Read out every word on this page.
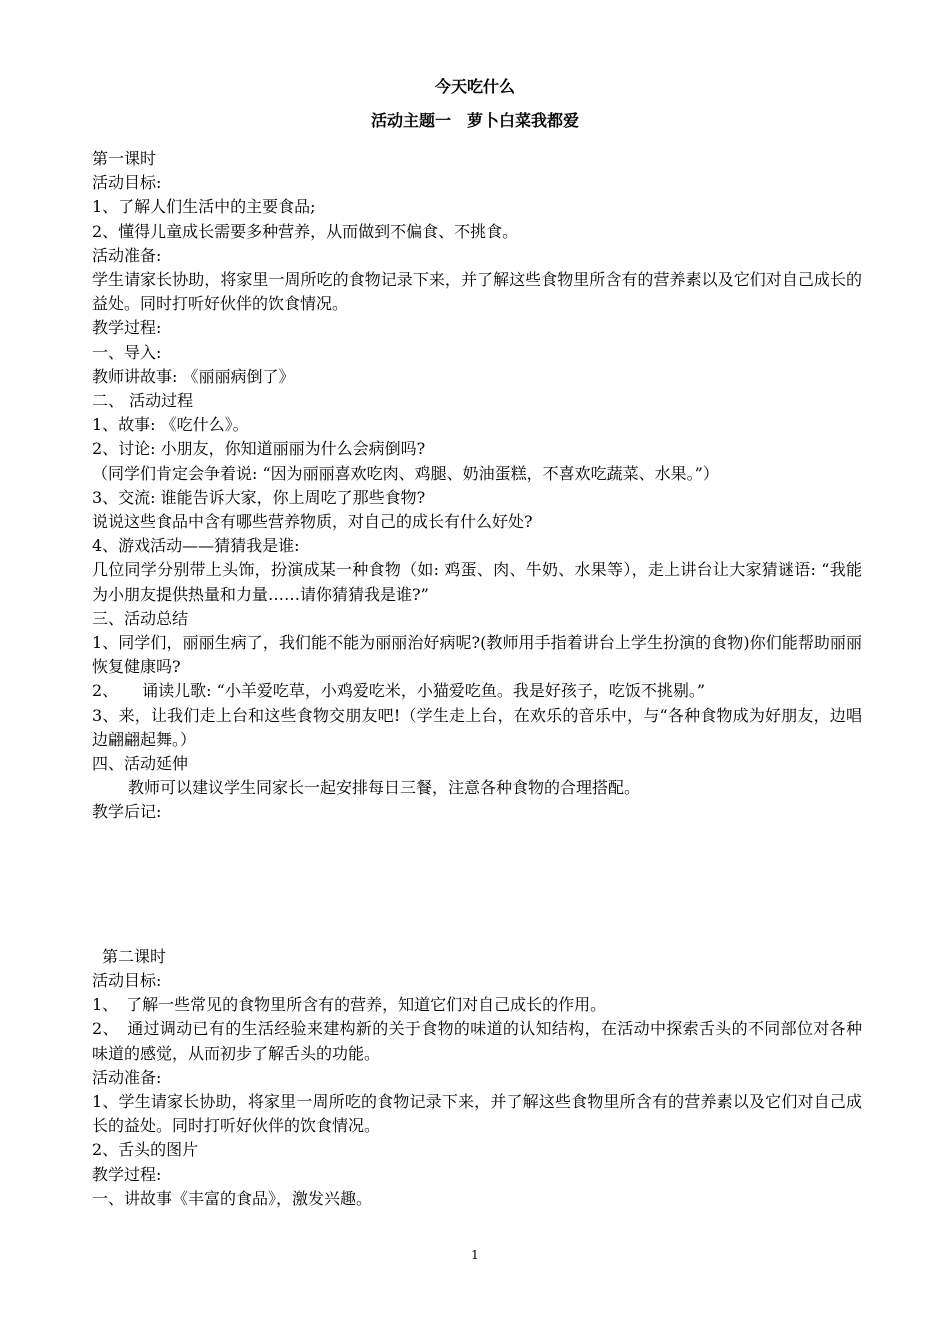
今天吃什么
活动主题一　萝卜白菜我都爱

第一课时

活动目标:

1、了解人们生活中的主要食品;

2、懂得儿童成长需要多种营养，从而做到不偏食、不挑食。

活动准备:

学生请家长协助，将家里一周所吃的食物记录下来，并了解这些食物里所含有的营养素以及它们对自己成长的益处。同时打听好伙伴的饮食情况。

教学过程:

一、导入:

教师讲故事: 《丽丽病倒了》

二、 活动过程

1、故事: 《吃什么》。

2、讨论: 小朋友，你知道丽丽为什么会病倒吗?

（同学们肯定会争着说: “因为丽丽喜欢吃肉、鸡腿、奶油蛋糕，不喜欢吃蔬菜、水果。”）

3、交流: 谁能告诉大家，你上周吃了那些食物?

说说这些食品中含有哪些营养物质，对自己的成长有什么好处?

4、游戏活动——猜猜我是谁:

几位同学分别带上头饰，扮演成某一种食物（如: 鸡蛋、肉、牛奶、水果等），走上讲台让大家猜谜语: “我能为小朋友提供热量和力量……请你猜猜我是谁?”

三、活动总结

1、同学们，丽丽生病了，我们能不能为丽丽治好病呢?(教师用手指着讲台上学生扮演的食物)你们能帮助丽丽恢复健康吗?

2、　　诵读儿歌: “小羊爱吃草，小鸡爱吃米，小猫爱吃鱼。我是好孩子，吃饭不挑剔。”

3、来，让我们走上台和这些食物交朋友吧!（学生走上台，在欢乐的音乐中，与“各种食物成为好朋友，边唱边翩翩起舞。）

四、活动延伸

教师可以建议学生同家长一起安排每日三餐，注意各种食物的合理搭配。

教学后记:

第二课时

活动目标:

1、　了解一些常见的食物里所含有的营养，知道它们对自己成长的作用。

2、　通过调动已有的生活经验来建构新的关于食物的味道的认知结构，在活动中探索舌头的不同部位对各种味道的感觉，从而初步了解舌头的功能。

活动准备:

1、学生请家长协助，将家里一周所吃的食物记录下来，并了解这些食物里所含有的营养素以及它们对自己成长的益处。同时打听好伙伴的饮食情况。

2、舌头的图片

教学过程:

一、讲故事《丰富的食品》，激发兴趣。

1
